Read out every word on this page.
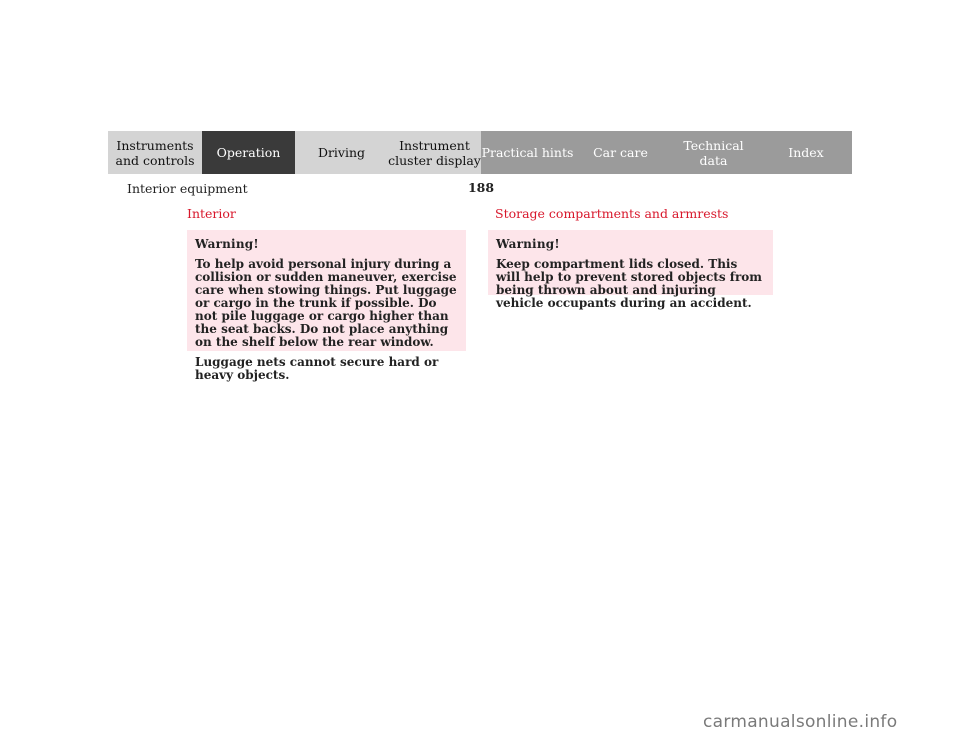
Instruments
and controls	Operation	Driving	Instrument
cluster display Practical hints	Car care	Technical
data	Index
Interior equipment	188
Interior	Storage compartments and armrests
Warning!

To help avoid personal injury during a collision or sudden maneuver, exercise care when stowing things. Put luggage or cargo in the trunk if possible. Do not pile luggage or cargo higher than the seat backs. Do not place anything on the shelf below the rear window.

Luggage nets cannot secure hard or heavy objects.

Warning!

Keep compartment lids closed. This will help to prevent stored objects from being thrown about and injuring vehicle occupants during an accident.

carmanualsonline.info
